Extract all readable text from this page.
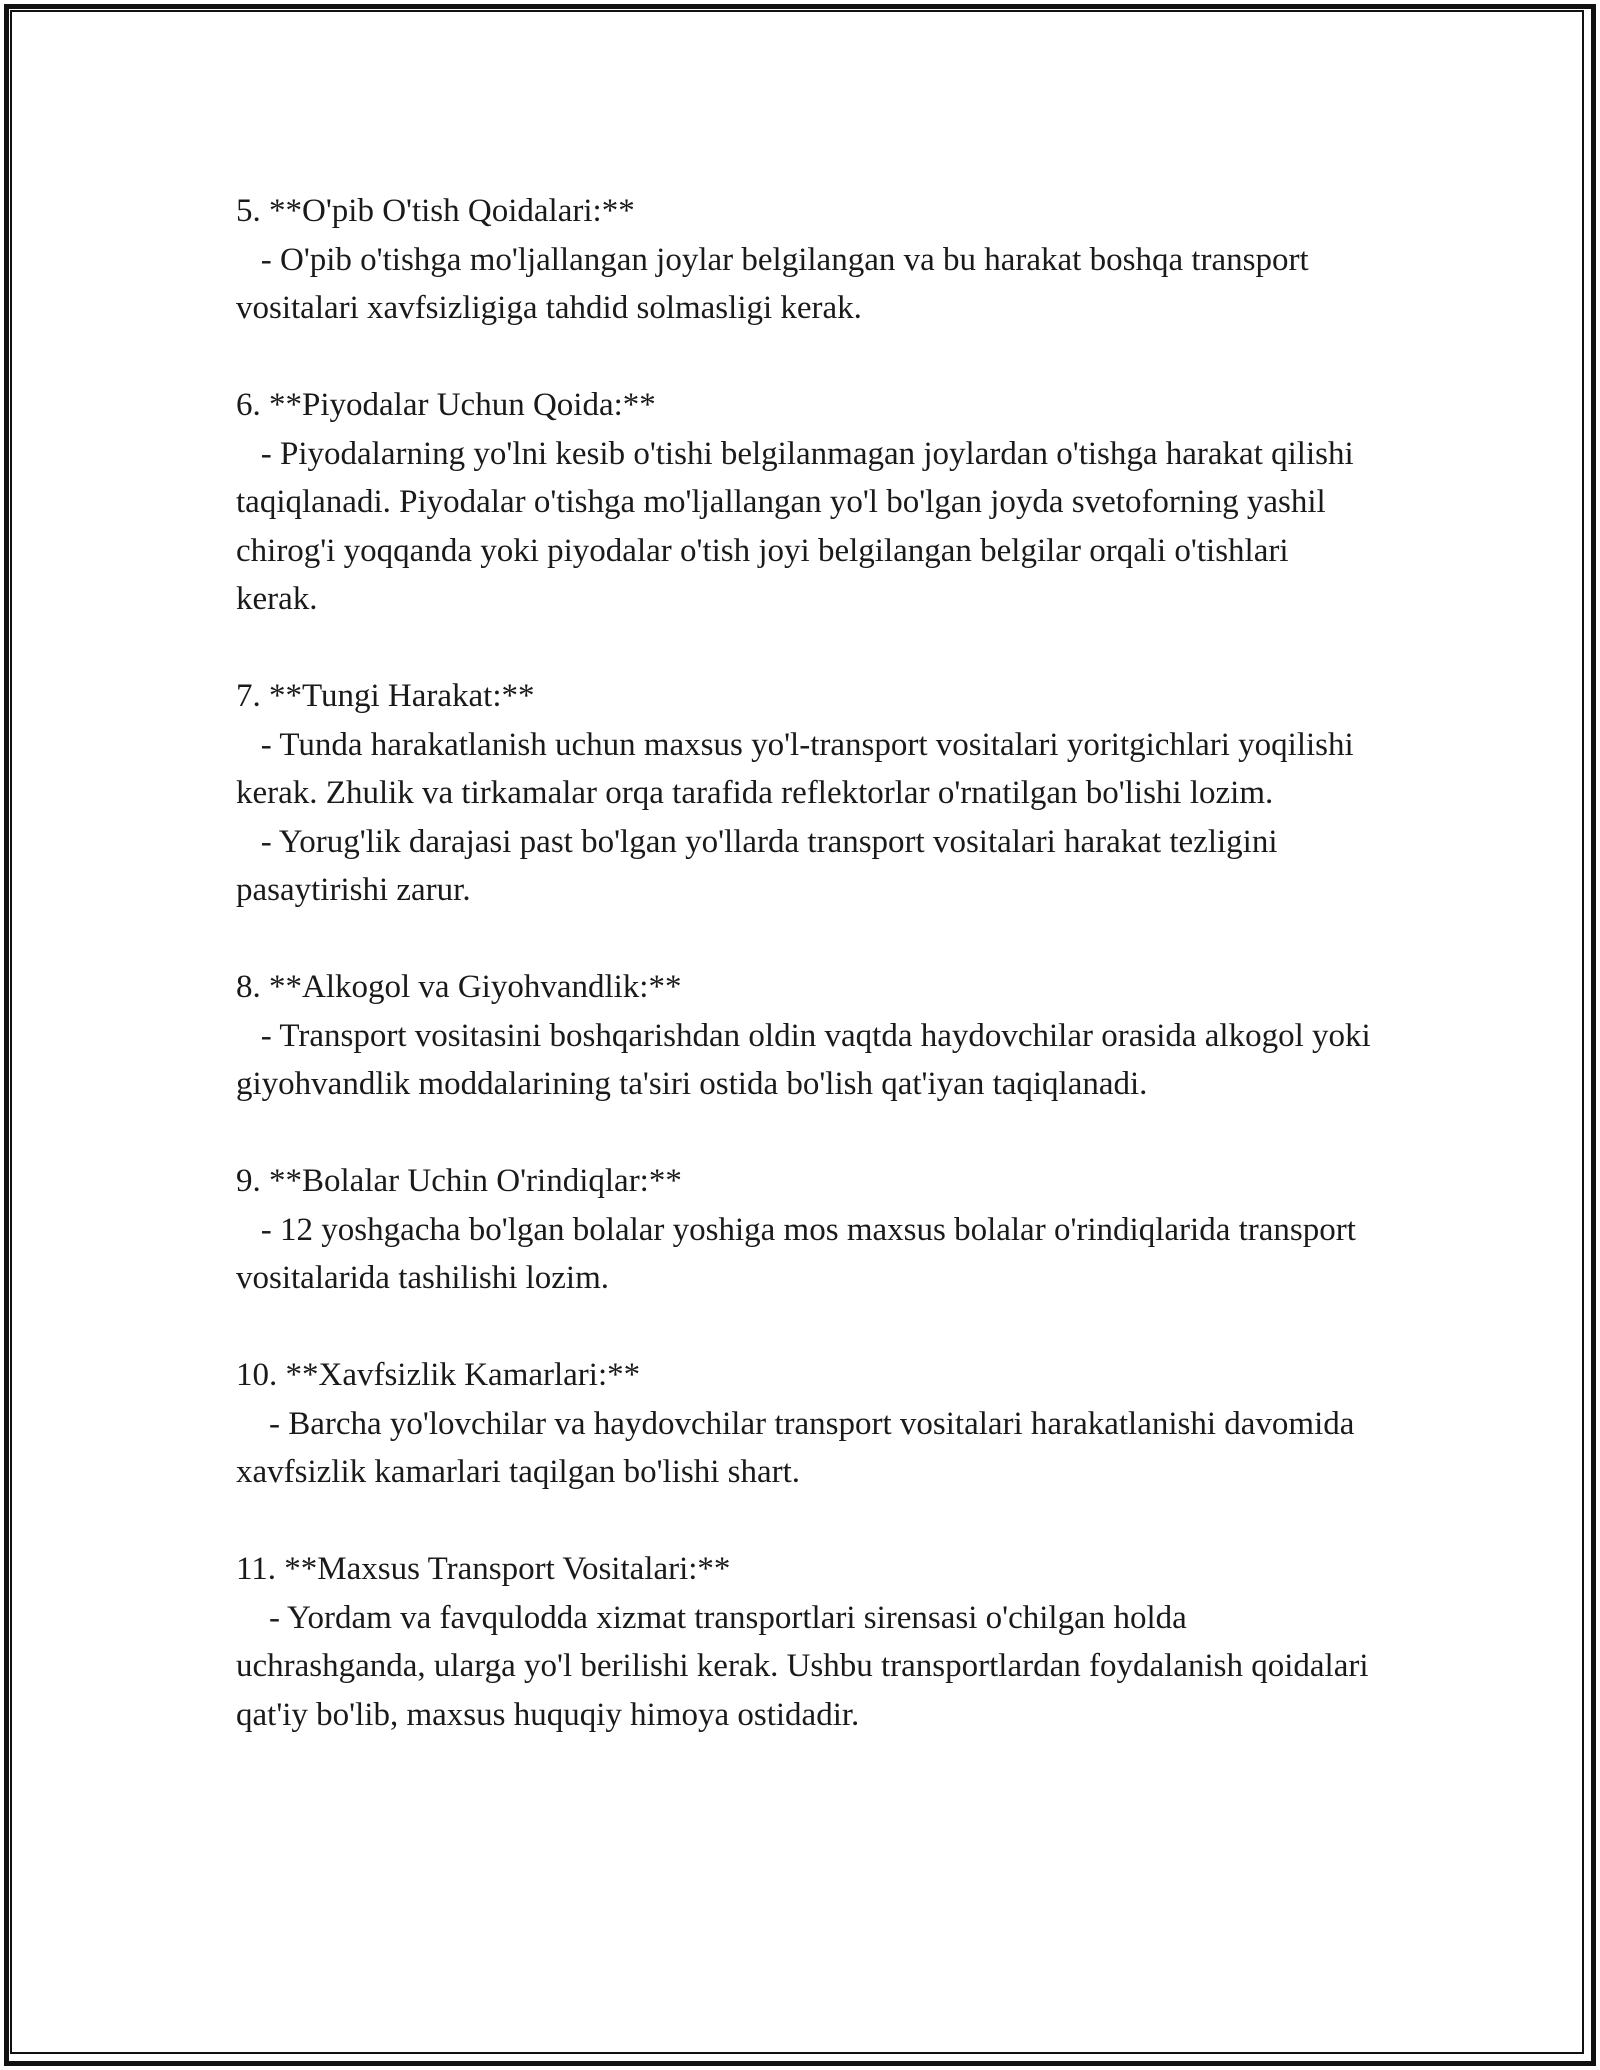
5. **O'pib O'tish Qoidalari:**
- O'pib o'tishga mo'ljallangan joylar belgilangan va bu harakat boshqa transport vositalari xavfsizligiga tahdid solmasligi kerak.
6. **Piyodalar Uchun Qoida:**
- Piyodalarning yo'lni kesib o'tishi belgilanmagan joylardan o'tishga harakat qilishi taqiqlanadi. Piyodalar o'tishga mo'ljallangan yo'l bo'lgan joyda svetoforning yashil chirog'i yoqqanda yoki piyodalar o'tish joyi belgilangan belgilar orqali o'tishlari kerak.
7. **Tungi Harakat:**
- Tunda harakatlanish uchun maxsus yo'l-transport vositalari yoritgichlari yoqilishi kerak. Zhulik va tirkamalar orqa tarafida reflektorlar o'rnatilgan bo'lishi lozim.
- Yorug'lik darajasi past bo'lgan yo'llarda transport vositalari harakat tezligini pasaytirishi zarur.
8. **Alkogol va Giyohvandlik:**
- Transport vositasini boshqarishdan oldin vaqtda haydovchilar orasida alkogol yoki giyohvandlik moddalarining ta'siri ostida bo'lish qat'iyan taqiqlanadi.
9. **Bolalar Uchin O'rindiqlar:**
- 12 yoshgacha bo'lgan bolalar yoshiga mos maxsus bolalar o'rindiqlarida transport vositalarida tashilishi lozim.
10. **Xavfsizlik Kamarlari:**
- Barcha yo'lovchilar va haydovchilar transport vositalari harakatlanishi davomida xavfsizlik kamarlari taqilgan bo'lishi shart.
11. **Maxsus Transport Vositalari:**
- Yordam va favqulodda xizmat transportlari sirensasi o'chilgan holda uchrashganda, ularga yo'l berilishi kerak. Ushbu transportlardan foydalanish qoidalari qat'iy bo'lib, maxsus huquqiy himoya ostidadir.
